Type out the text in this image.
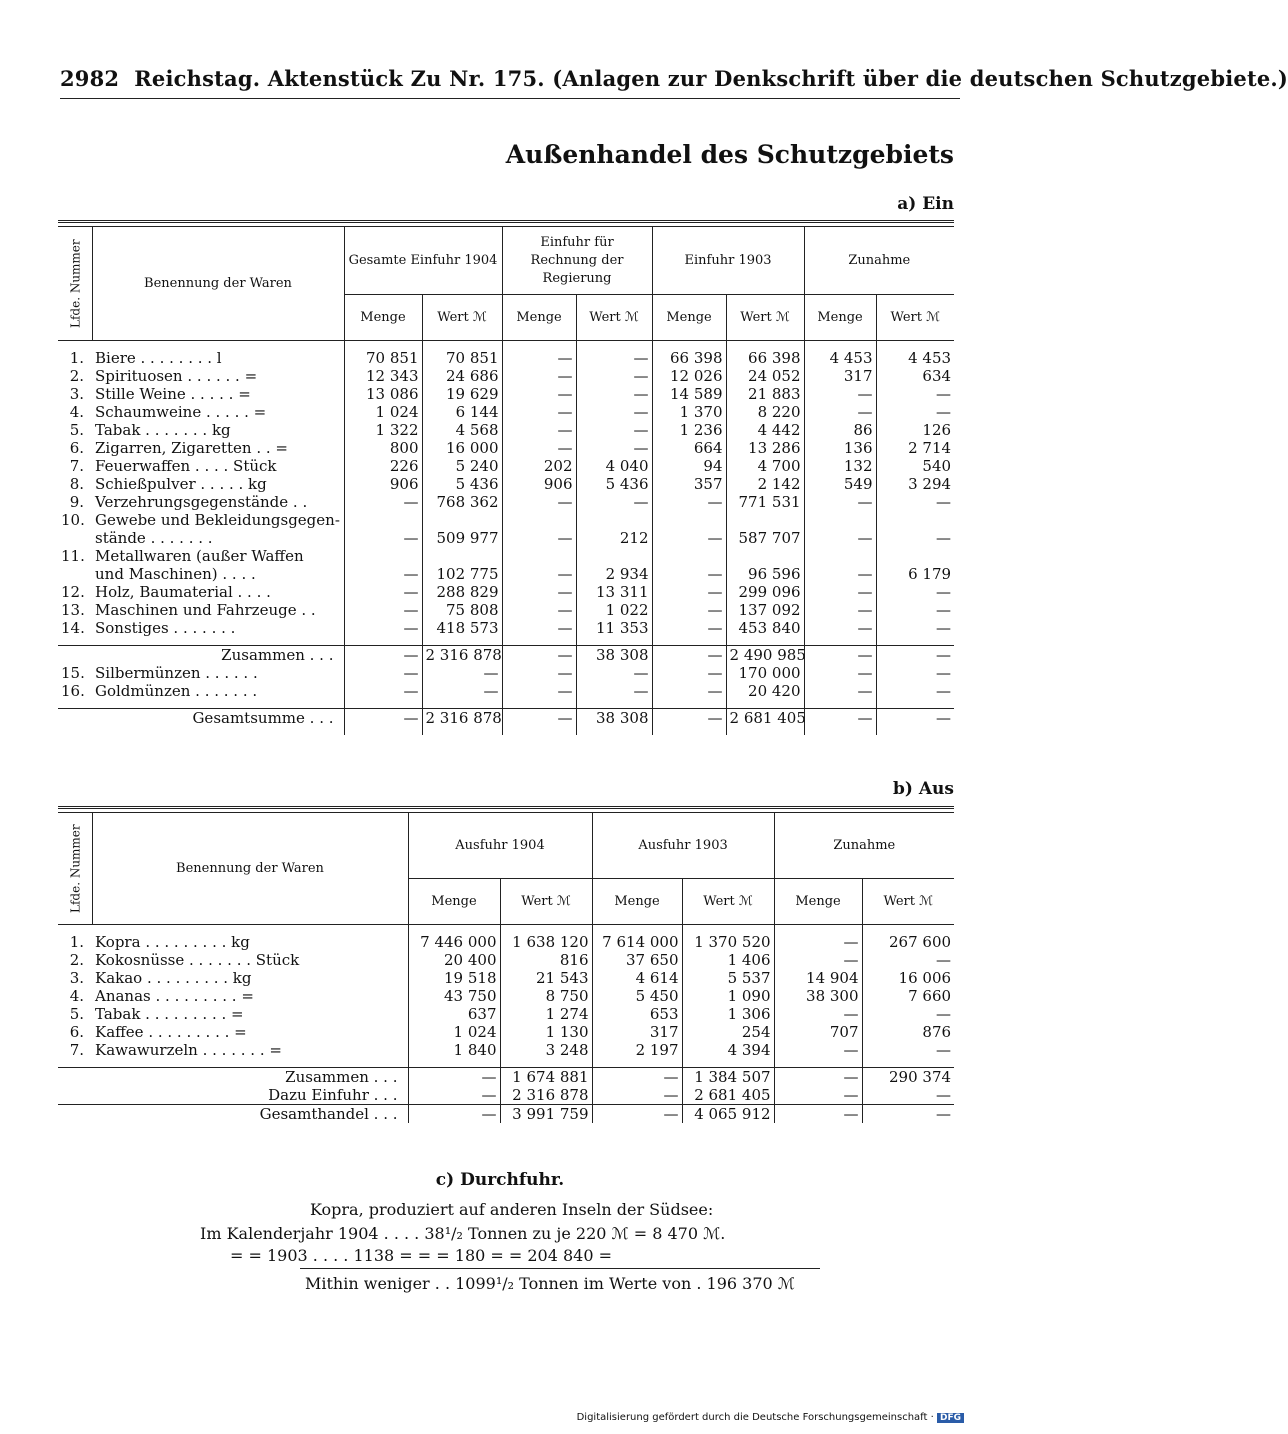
2982 Reichstag. Aktenstück Zu Nr. 175. (Anlagen zur Denkschrift über die deutschen Schutzgebiete.)
Außenhandel des Schutzgebiets
a) Ein
Lfde. Nummer	Benennung der Waren	Gesamte Einfuhr 1904		Einfuhr für Rechnung der Regierung		Einfuhr 1903		Zunahme	
		Menge	Wert ℳ	Menge	Wert ℳ	Menge	Wert ℳ	Menge	Wert ℳ

1.	Biere . . . . . . . . l	70 851	70 851	—	—	66 398	66 398	4 453	4 453
2.	Spirituosen . . . . . . =	12 343	24 686	—	—	12 026	24 052	317	634
3.	Stille Weine . . . . . =	13 086	19 629	—	—	14 589	21 883	—	—
4.	Schaumweine . . . . . =	1 024	6 144	—	—	1 370	8 220	—	—
5.	Tabak . . . . . . . kg	1 322	4 568	—	—	1 236	4 442	86	126
6.	Zigarren, Zigaretten . . =	800	16 000	—	—	664	13 286	136	2 714
7.	Feuerwaffen . . . . Stück	226	5 240	202	4 040	94	4 700	132	540
8.	Schießpulver . . . . . kg	906	5 436	906	5 436	357	2 142	549	3 294
9.	Verzehrungsgegenstände . .	—	768 362	—	—	—	771 531	—	—
10.	Gewebe und Bekleidungsgegen-								
	stände . . . . . . .	—	509 977	—	212	—	587 707	—	—
11.	Metallwaren (außer Waffen								
	und Maschinen) . . . .	—	102 775	—	2 934	—	96 596	—	6 179
12.	Holz, Baumaterial . . . .	—	288 829	—	13 311	—	299 096	—	—
13.	Maschinen und Fahrzeuge . .	—	75 808	—	1 022	—	137 092	—	—
14.	Sonstiges . . . . . . .	—	418 573	—	11 353	—	453 840	—	—

Zusammen . . .		—	2 316 878	—	38 308	—	2 490 985	—	—
15.	Silbermünzen . . . . . .	—	—	—	—	—	170 000	—	—
16.	Goldmünzen . . . . . . .	—	—	—	—	—	20 420	—	—

Gesamtsumme . . .		—	2 316 878	—	38 308	—	2 681 405	—	—

b) Aus
Lfde. Nummer	Benennung der Waren	Ausfuhr 1904		Ausfuhr 1903		Zunahme	
		Menge	Wert ℳ	Menge	Wert ℳ	Menge	Wert ℳ

1.	Kopra . . . . . . . . . kg	7 446 000	1 638 120	7 614 000	1 370 520	—	267 600
2.	Kokosnüsse . . . . . . . Stück	20 400	816	37 650	1 406	—	—
3.	Kakao . . . . . . . . . kg	19 518	21 543	4 614	5 537	14 904	16 006
4.	Ananas . . . . . . . . . =	43 750	8 750	5 450	1 090	38 300	7 660
5.	Tabak . . . . . . . . . =	637	1 274	653	1 306	—	—
6.	Kaffee . . . . . . . . . =	1 024	1 130	317	254	707	876
7.	Kawawurzeln . . . . . . . =	1 840	3 248	2 197	4 394	—	—

Zusammen . . .		—	1 674 881	—	1 384 507	—	290 374
Dazu Einfuhr . . .		—	2 316 878	—	2 681 405	—	—
Gesamthandel . . .		—	3 991 759	—	4 065 912	—	—
c) Durchfuhr.
Kopra, produziert auf anderen Inseln der Südsee:
Im Kalenderjahr 1904 . . . . 38¹/₂ Tonnen zu je 220 ℳ = 8 470 ℳ.
= = 1903 . . . . 1138 = = = 180 = = 204 840 =
Mithin weniger . . 1099¹/₂ Tonnen im Werte von . 196 370 ℳ
Digitalisierung gefördert durch die Deutsche Forschungsgemeinschaft · DFG
